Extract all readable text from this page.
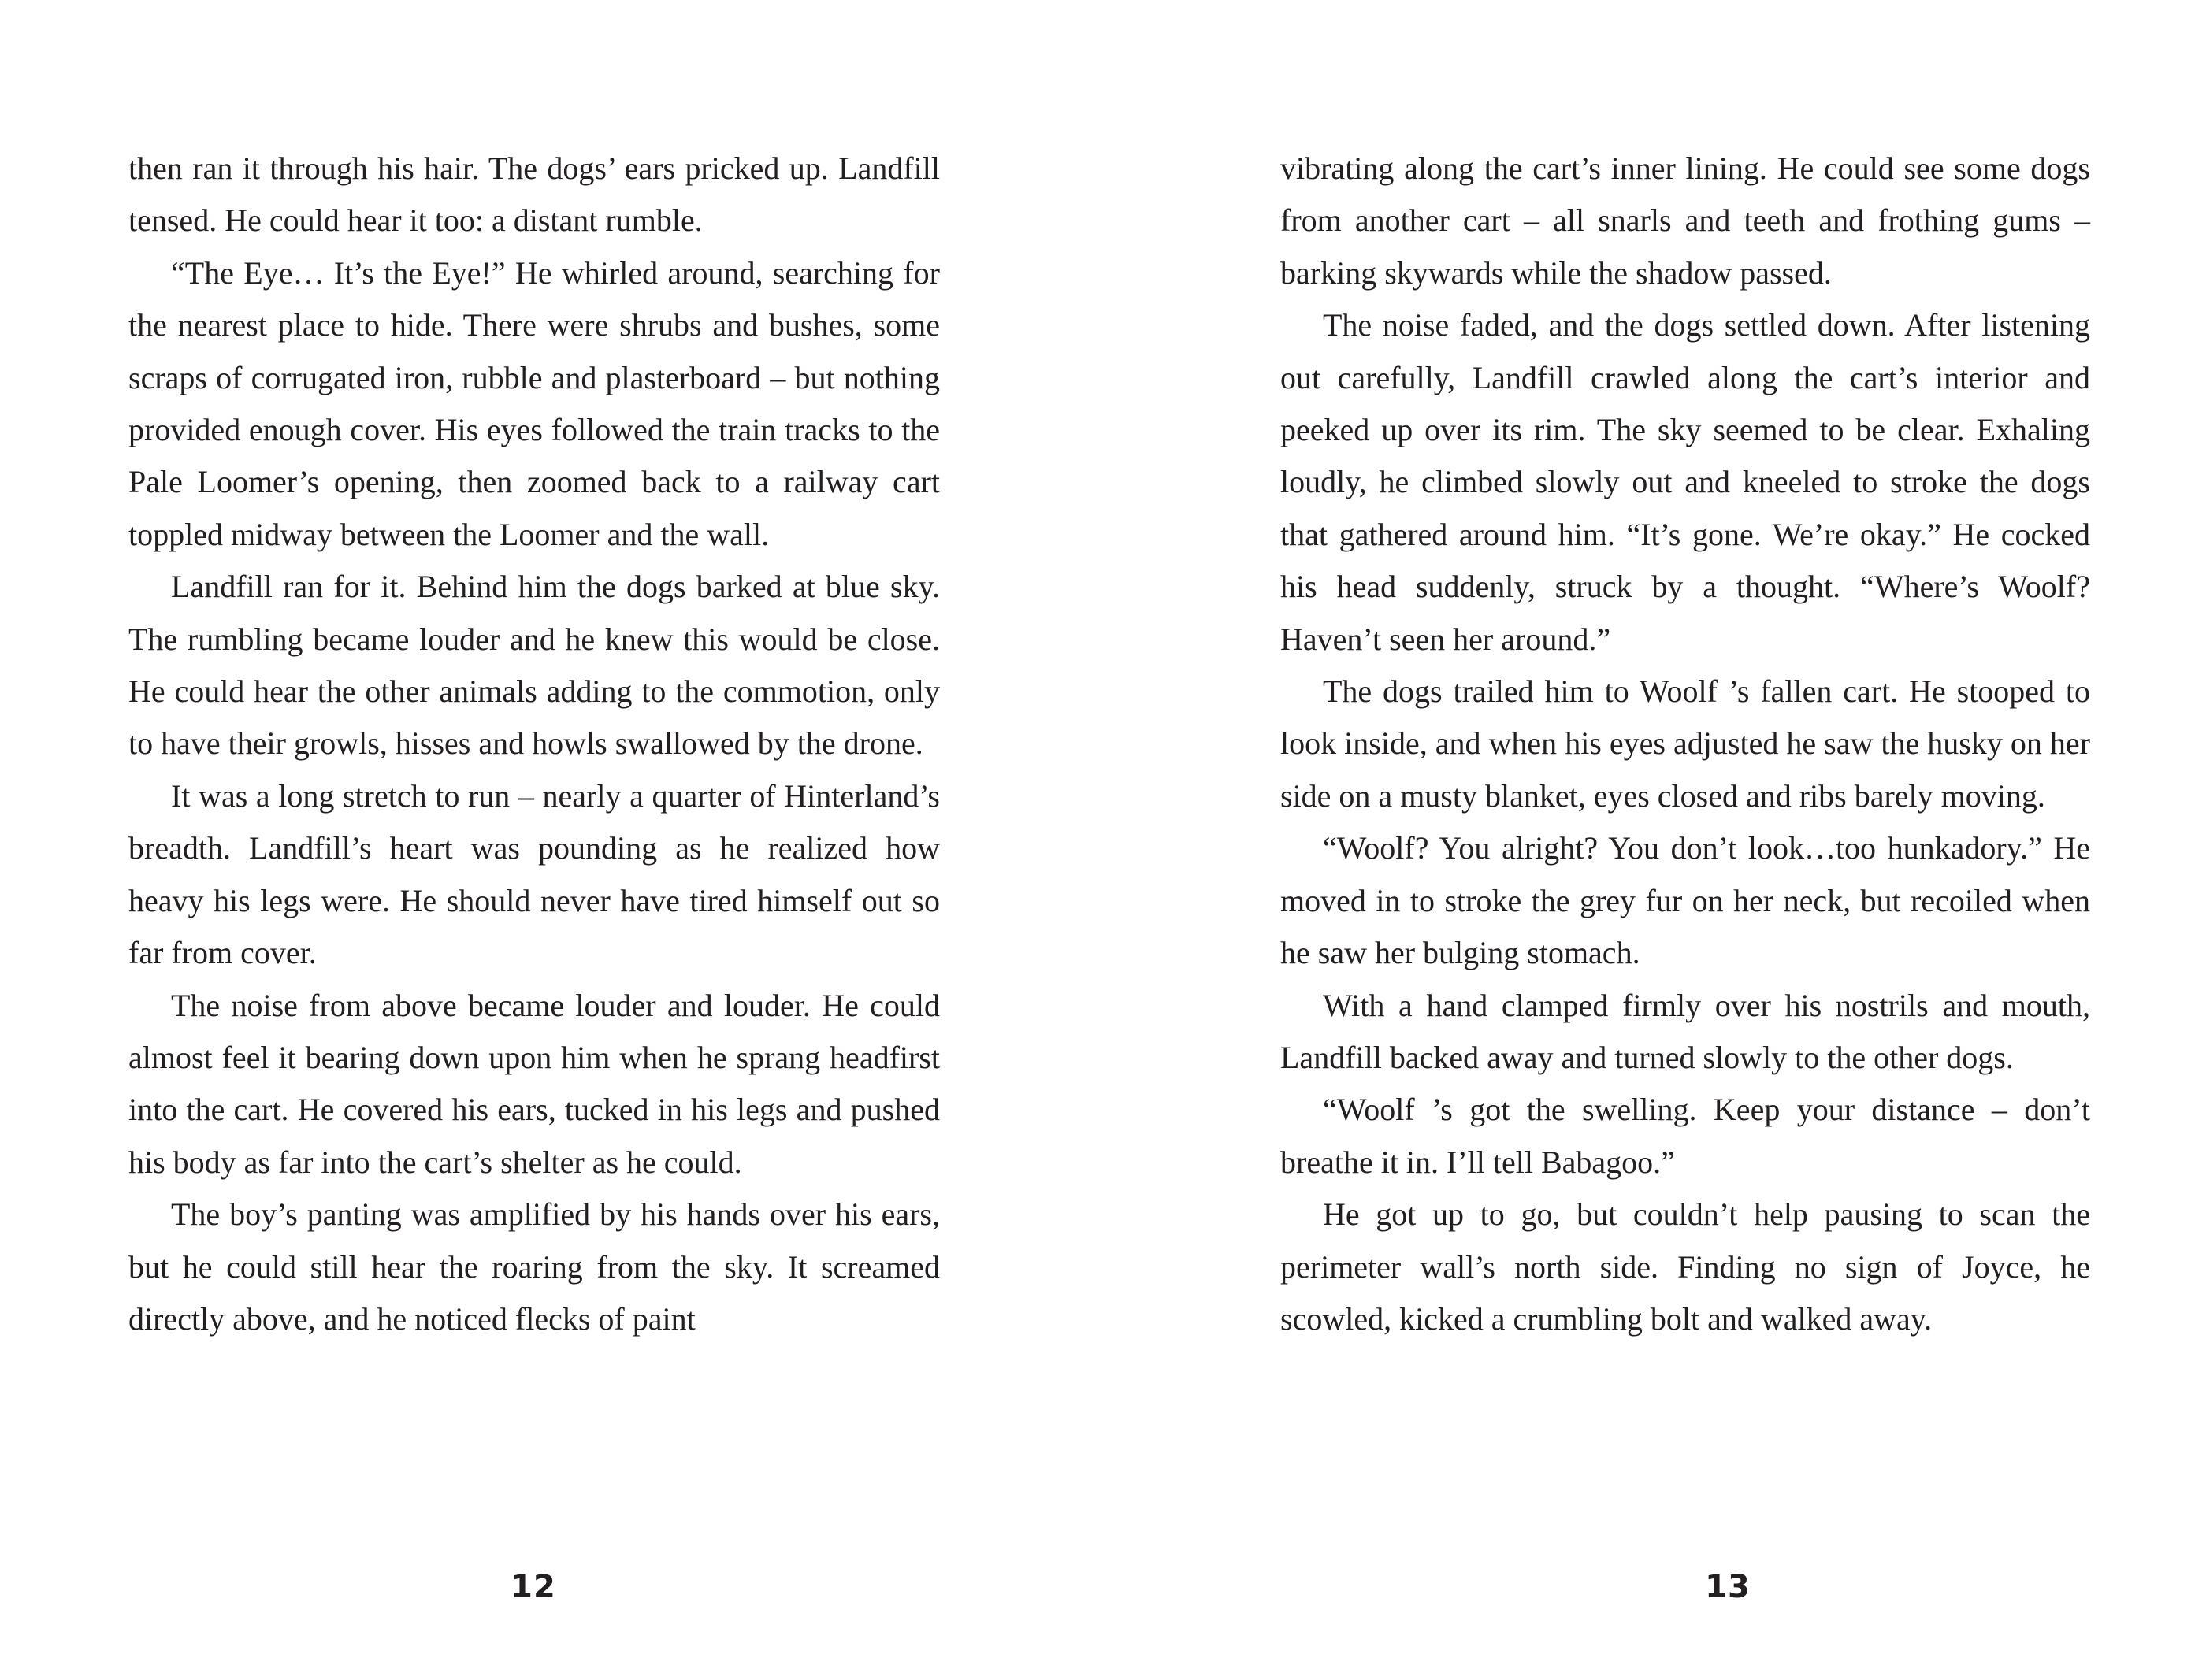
then ran it through his hair. The dogs’ ears pricked up. Landfill tensed. He could hear it too: a distant rumble.

“The Eye… It’s the Eye!” He whirled around, searching for the nearest place to hide. There were shrubs and bushes, some scraps of corrugated iron, rubble and plasterboard – but nothing provided enough cover. His eyes followed the train tracks to the Pale Loomer’s opening, then zoomed back to a railway cart toppled midway between the Loomer and the wall.

Landfill ran for it. Behind him the dogs barked at blue sky. The rumbling became louder and he knew this would be close. He could hear the other animals adding to the commotion, only to have their growls, hisses and howls swallowed by the drone.

It was a long stretch to run – nearly a quarter of Hinterland’s breadth. Landfill’s heart was pounding as he realized how heavy his legs were. He should never have tired himself out so far from cover.

The noise from above became louder and louder. He could almost feel it bearing down upon him when he sprang headfirst into the cart. He covered his ears, tucked in his legs and pushed his body as far into the cart’s shelter as he could.

The boy’s panting was amplified by his hands over his ears, but he could still hear the roaring from the sky. It screamed directly above, and he noticed flecks of paint

12

vibrating along the cart’s inner lining. He could see some dogs from another cart – all snarls and teeth and frothing gums – barking skywards while the shadow passed.

The noise faded, and the dogs settled down. After listening out carefully, Landfill crawled along the cart’s interior and peeked up over its rim. The sky seemed to be clear. Exhaling loudly, he climbed slowly out and kneeled to stroke the dogs that gathered around him. “It’s gone. We’re okay.” He cocked his head suddenly, struck by a thought. “Where’s Woolf? Haven’t seen her around.”

The dogs trailed him to Woolf ’s fallen cart. He stooped to look inside, and when his eyes adjusted he saw the husky on her side on a musty blanket, eyes closed and ribs barely moving.

“Woolf? You alright? You don’t look…too hunkadory.” He moved in to stroke the grey fur on her neck, but recoiled when he saw her bulging stomach.

With a hand clamped firmly over his nostrils and mouth, Landfill backed away and turned slowly to the other dogs.

“Woolf ’s got the swelling. Keep your distance – don’t breathe it in. I’ll tell Babagoo.”

He got up to go, but couldn’t help pausing to scan the perimeter wall’s north side. Finding no sign of Joyce, he scowled, kicked a crumbling bolt and walked away.

13
